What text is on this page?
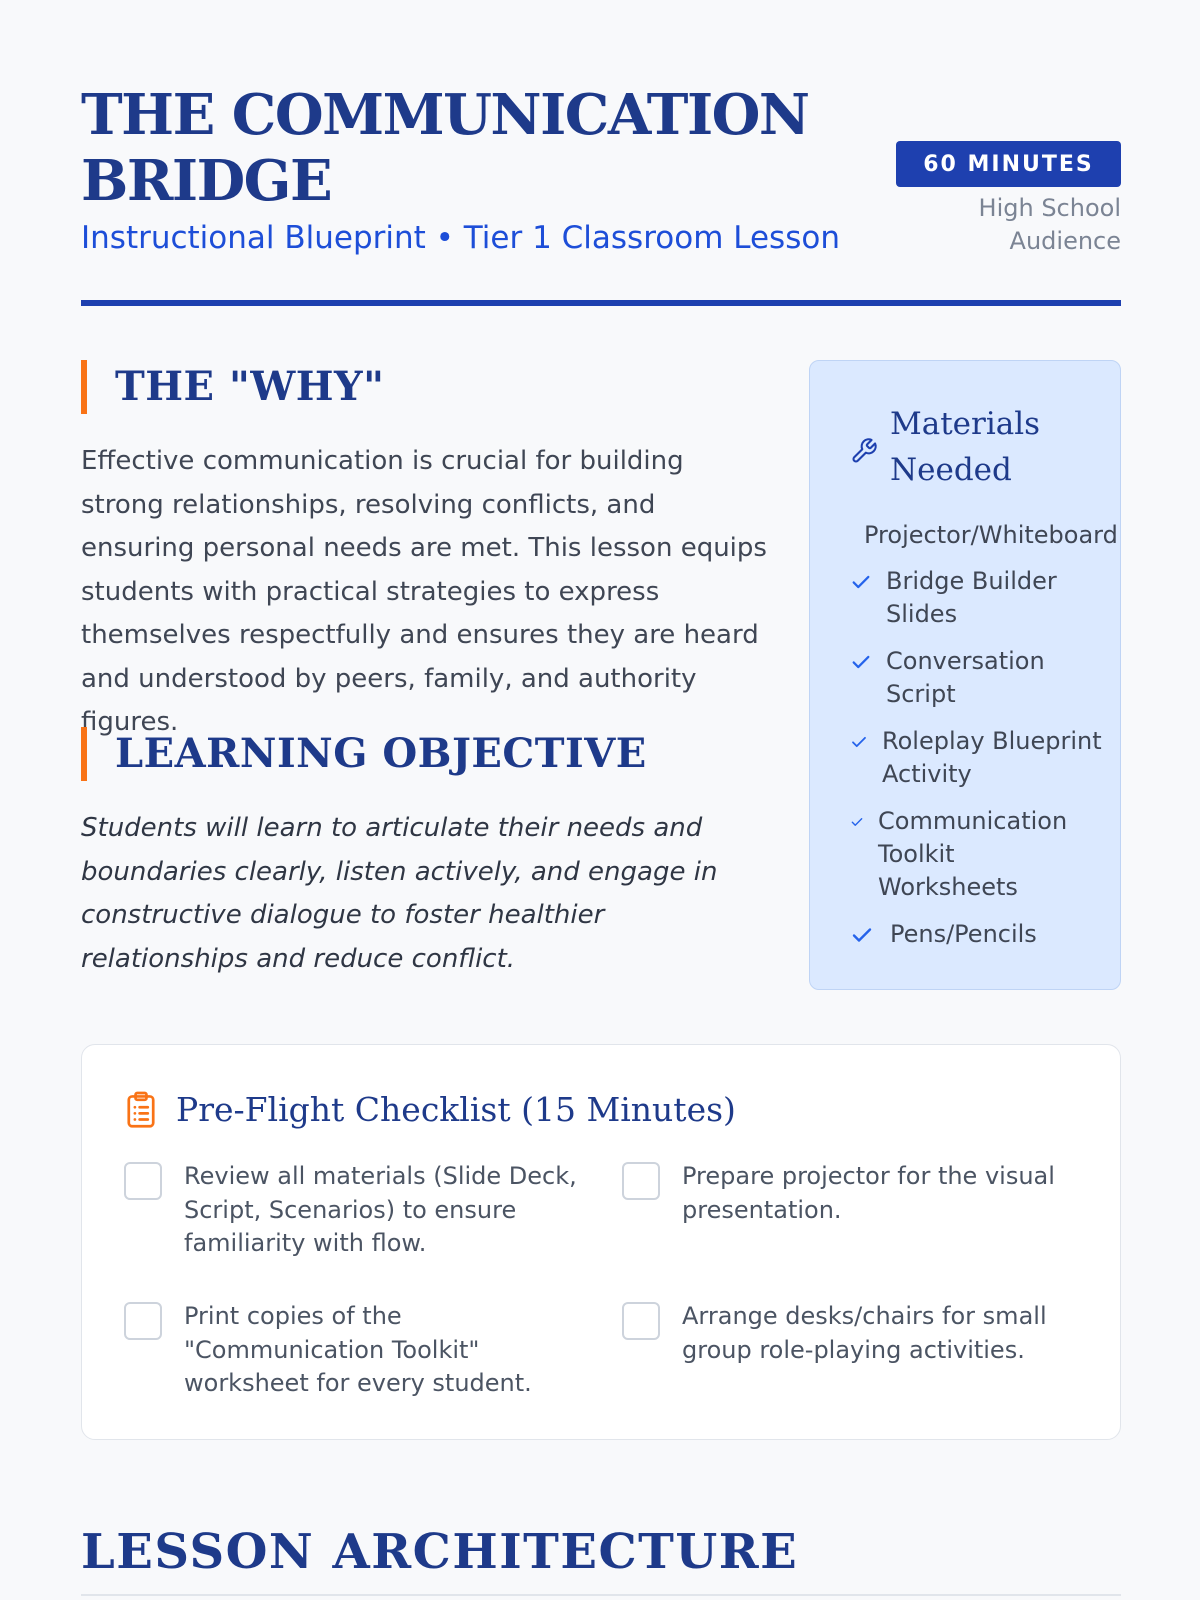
THE COMMUNICATION BRIDGE
Instructional Blueprint • Tier 1 Classroom Lesson
60 MINUTES
High School Audience
THE "WHY"

Effective communication is crucial for building strong relationships, resolving conflicts, and ensuring personal needs are met. This lesson equips students with practical strategies to express themselves respectfully and ensures they are heard and understood by peers, family, and authority figures.

LEARNING OBJECTIVE

Students will learn to articulate their needs and boundaries clearly, listen actively, and engage in constructive dialogue to foster healthier relationships and reduce conflict.

Materials Needed
Projector/Whiteboard
Bridge Builder Slides
Conversation Script
Roleplay Blueprint Activity
Communication Toolkit Worksheets
Pens/Pencils
Pre-Flight Checklist (15 Minutes)
Review all materials (Slide Deck, Script, Scenarios) to ensure familiarity with flow.
Prepare projector for the visual presentation.
Print copies of the "Communication Toolkit" worksheet for every student.
Arrange desks/chairs for small group role-playing activities.
LESSON ARCHITECTURE
